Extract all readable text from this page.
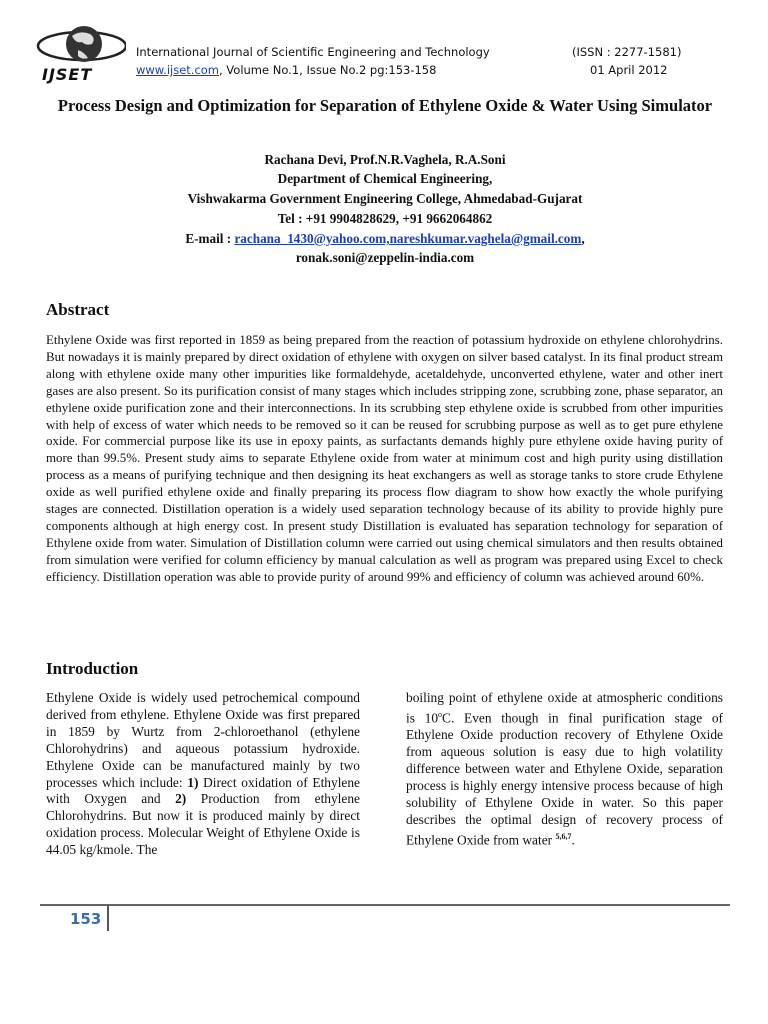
IJSET
International Journal of Scientific Engineering and Technology
www.ijset.com, Volume No.1, Issue No.2 pg:153-158
(ISSN : 2277-1581)
01 April 2012
Process Design and Optimization for Separation of Ethylene Oxide & Water Using Simulator
Rachana Devi, Prof.N.R.Vaghela, R.A.Soni
Department of Chemical Engineering,
Vishwakarma Government Engineering College, Ahmedabad-Gujarat
Tel : +91 9904828629, +91 9662064862
E-mail : rachana_1430@yahoo.com,nareshkumar.vaghela@gmail.com,
ronak.soni@zeppelin-india.com
Abstract
Ethylene Oxide was first reported in 1859 as being prepared from the reaction of potassium hydroxide on ethylene chlorohydrins. But nowadays it is mainly prepared by direct oxidation of ethylene with oxygen on silver based catalyst. In its final product stream along with ethylene oxide many other impurities like formaldehyde, acetaldehyde, unconverted ethylene, water and other inert gases are also present. So its purification consist of many stages which includes stripping zone, scrubbing zone, phase separator, an ethylene oxide purification zone and their interconnections. In its scrubbing step ethylene oxide is scrubbed from other impurities with help of excess of water which needs to be removed so it can be reused for scrubbing purpose as well as to get pure ethylene oxide. For commercial purpose like its use in epoxy paints, as surfactants demands highly pure ethylene oxide having purity of more than 99.5%. Present study aims to separate Ethylene oxide from water at minimum cost and high purity using distillation process as a means of purifying technique and then designing its heat exchangers as well as storage tanks to store crude Ethylene oxide as well purified ethylene oxide and finally preparing its process flow diagram to show how exactly the whole purifying stages are connected. Distillation operation is a widely used separation technology because of its ability to provide highly pure components although at high energy cost. In present study Distillation is evaluated has separation technology for separation of Ethylene oxide from water. Simulation of Distillation column were carried out using chemical simulators and then results obtained from simulation were verified for column efficiency by manual calculation as well as program was prepared using Excel to check efficiency. Distillation operation was able to provide purity of around 99% and efficiency of column was achieved around 60%.
Introduction
Ethylene Oxide is widely used petrochemical compound derived from ethylene. Ethylene Oxide was first prepared in 1859 by Wurtz from 2-chloroethanol (ethylene Chlorohydrins) and aqueous potassium hydroxide. Ethylene Oxide can be manufactured mainly by two processes which include: 1) Direct oxidation of Ethylene with Oxygen and 2) Production from ethylene Chlorohydrins. But now it is produced mainly by direct oxidation process. Molecular Weight of Ethylene Oxide is 44.05 kg/kmole. The
boiling point of ethylene oxide at atmospheric conditions is 10$^o$C. Even though in final purification stage of Ethylene Oxide production recovery of Ethylene Oxide from aqueous solution is easy due to high volatility difference between water and Ethylene Oxide, separation process is highly energy intensive process because of high solubility of Ethylene Oxide in water. So this paper describes the optimal design of recovery process of Ethylene Oxide from water $^{5,6,7}$.
153
